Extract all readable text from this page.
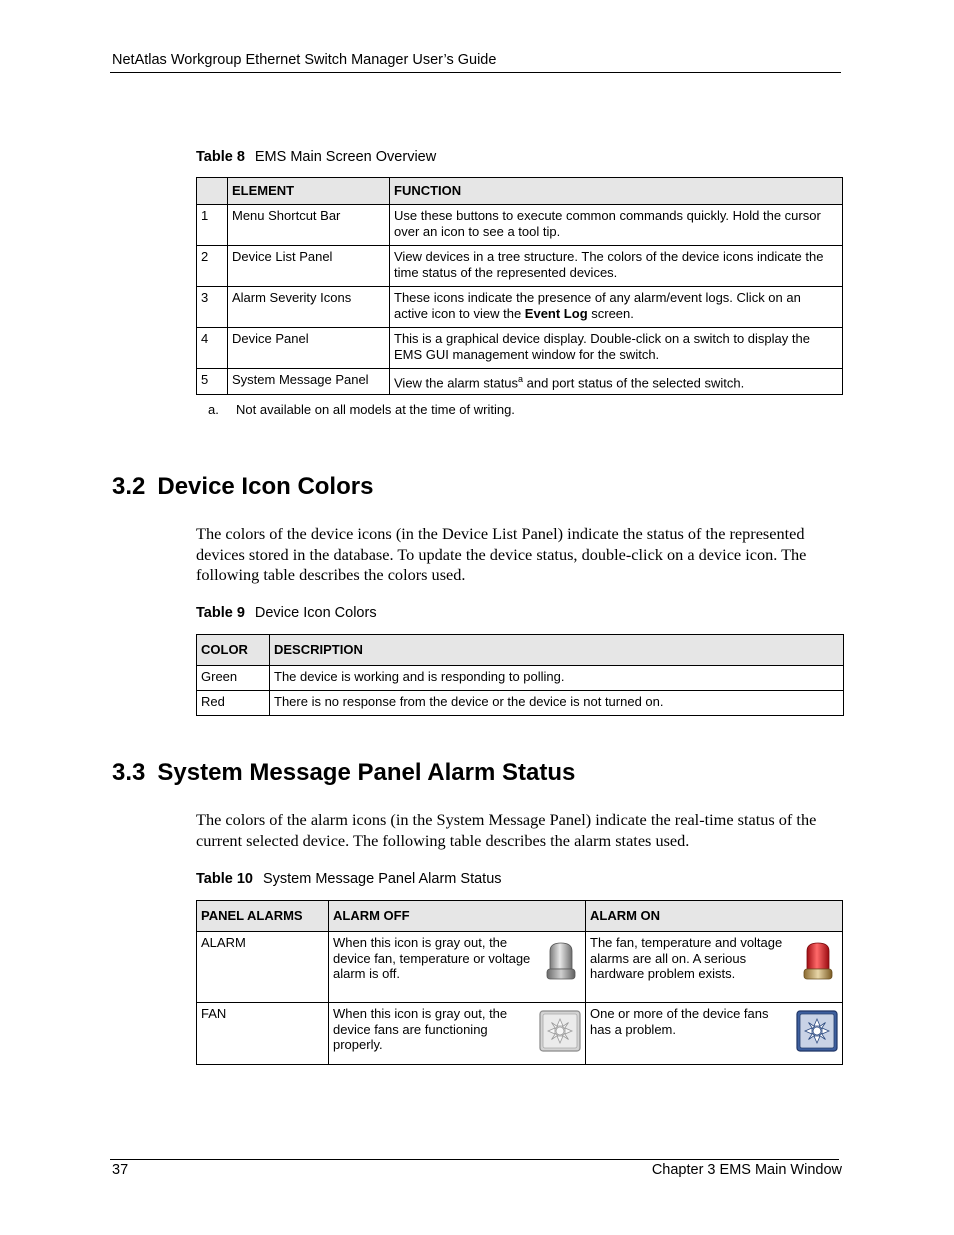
NetAtlas Workgroup Ethernet Switch Manager User’s Guide
Table 8 EMS Main Screen Overview
	ELEMENT	FUNCTION
1	Menu Shortcut Bar	Use these buttons to execute common commands quickly. Hold the cursor over an icon to see a tool tip.
2	Device List Panel	View devices in a tree structure. The colors of the device icons indicate the time status of the represented devices.
3	Alarm Severity Icons	These icons indicate the presence of any alarm/event logs. Click on an active icon to view the Event Log screen.
4	Device Panel	This is a graphical device display. Double-click on a switch to display the EMS GUI management window for the switch.
5	System Message Panel	View the alarm status$^a$ and port status of the selected switch.
a. Not available on all models at the time of writing.
3.2 Device Icon Colors
The colors of the device icons (in the Device List Panel) indicate the status of the represented devices stored in the database. To update the device status, double-click on a device icon. The following table describes the colors used.
Table 9 Device Icon Colors
COLOR	DESCRIPTION
Green	The device is working and is responding to polling.
Red	There is no response from the device or the device is not turned on.
3.3 System Message Panel Alarm Status
The colors of the alarm icons (in the System Message Panel) indicate the real-time status of the current selected device. The following table describes the alarm states used.
Table 10 System Message Panel Alarm Status
PANEL ALARMS	ALARM OFF	ALARM ON
ALARM	When this icon is gray out, the device fan, temperature or voltage alarm is off.	The fan, temperature and voltage alarms are all on. A serious hardware problem exists.

FAN	When this icon is gray out, the device fans are functioning properly.	One or more of the device fans has a problem.
37	Chapter 3 EMS Main Window
